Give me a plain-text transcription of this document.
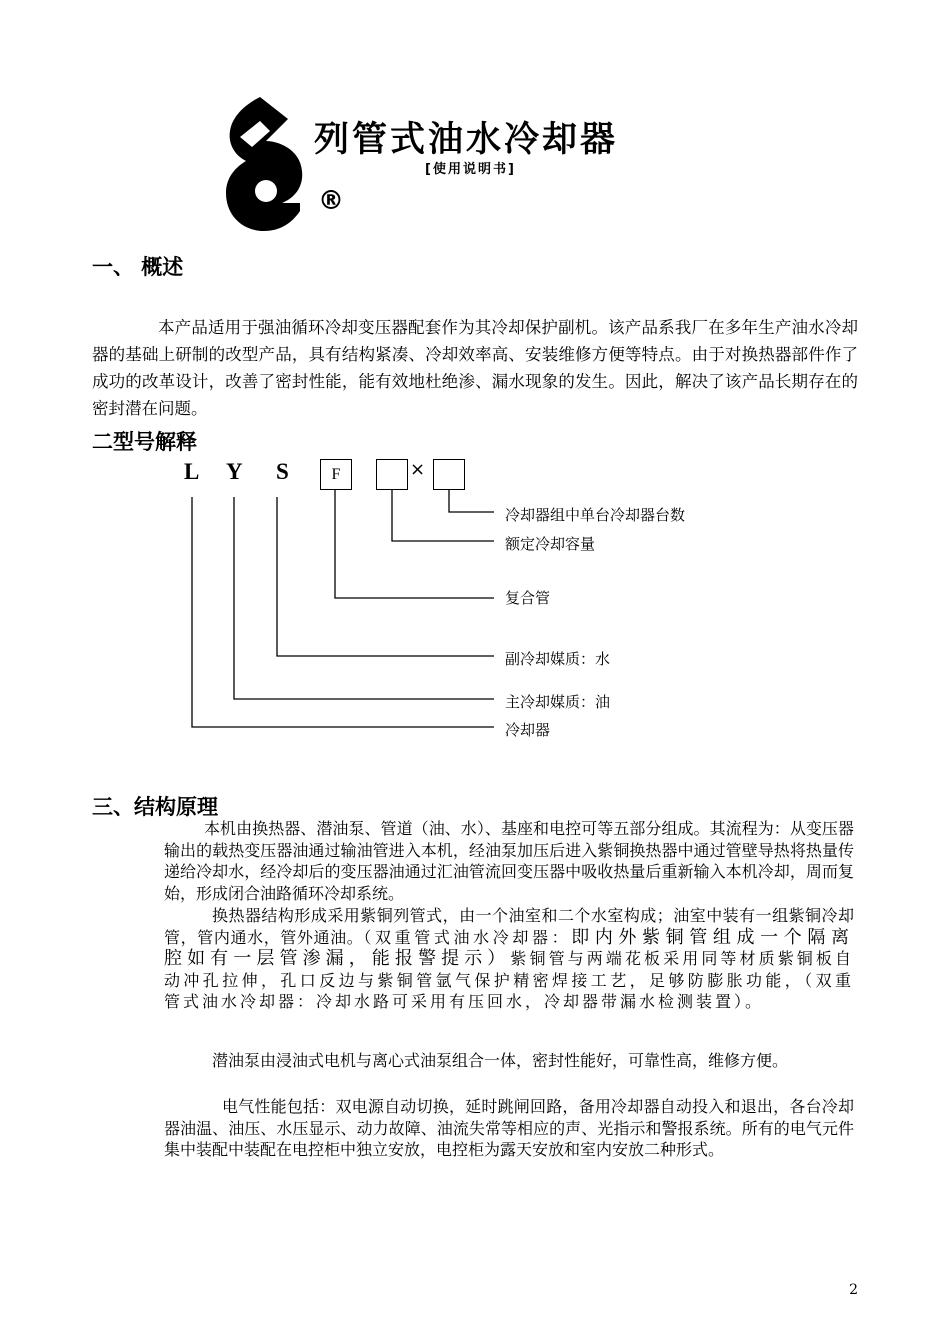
列管式油水冷却器
[使用说明书]
®
一、 概述
本产品适用于强油循环冷却变压器配套作为其冷却保护副机。该产品系我厂在多年生产油水冷却器的基础上研制的改型产品，具有结构紧凑、冷却效率高、安装维修方便等特点。由于对换热器部件作了成功的改革设计，改善了密封性能，能有效地杜绝渗、漏水现象的发生。因此，解决了该产品长期存在的密封潜在问题。
二型号解释
L Y S	F	×
冷却器组中单台冷却器台数
额定冷却容量
复合管
副冷却媒质：水
主冷却媒质：油
冷却器
三、结构原理
本机由换热器、潜油泵、管道（油、水）、基座和电控可等五部分组成。其流程为：从变压器输出的载热变压器油通过输油管进入本机，经油泵加压后进入紫铜换热器中通过管壁导热将热量传递给冷却水，经冷却后的变压器油通过汇油管流回变压器中吸收热量后重新输入本机冷却，周而复始，形成闭合油路循环冷却系统。
换热器结构形成采用紫铜列管式，由一个油室和二个水室构成；油室中装有一组紫铜冷却管，管内通水，管外通油。（双重管式油水冷却器：即内外紫铜管组成一个隔离腔如有一层管渗漏，能报警提示）紫铜管与两端花板采用同等材质紫铜板自动冲孔拉伸，孔口反边与紫铜管氩气保护精密焊接工艺，足够防膨胀功能，（双重管式油水冷却器：冷却水路可采用有压回水，冷却器带漏水检测装置）。
潜油泵由浸油式电机与离心式油泵组合一体，密封性能好，可靠性高，维修方便。
电气性能包括：双电源自动切换，延时跳闸回路，备用冷却器自动投入和退出，各台冷却器油温、油压、水压显示、动力故障、油流失常等相应的声、光指示和警报系统。所有的电气元件集中装配中装配在电控柜中独立安放，电控柜为露天安放和室内安放二种形式。
2
